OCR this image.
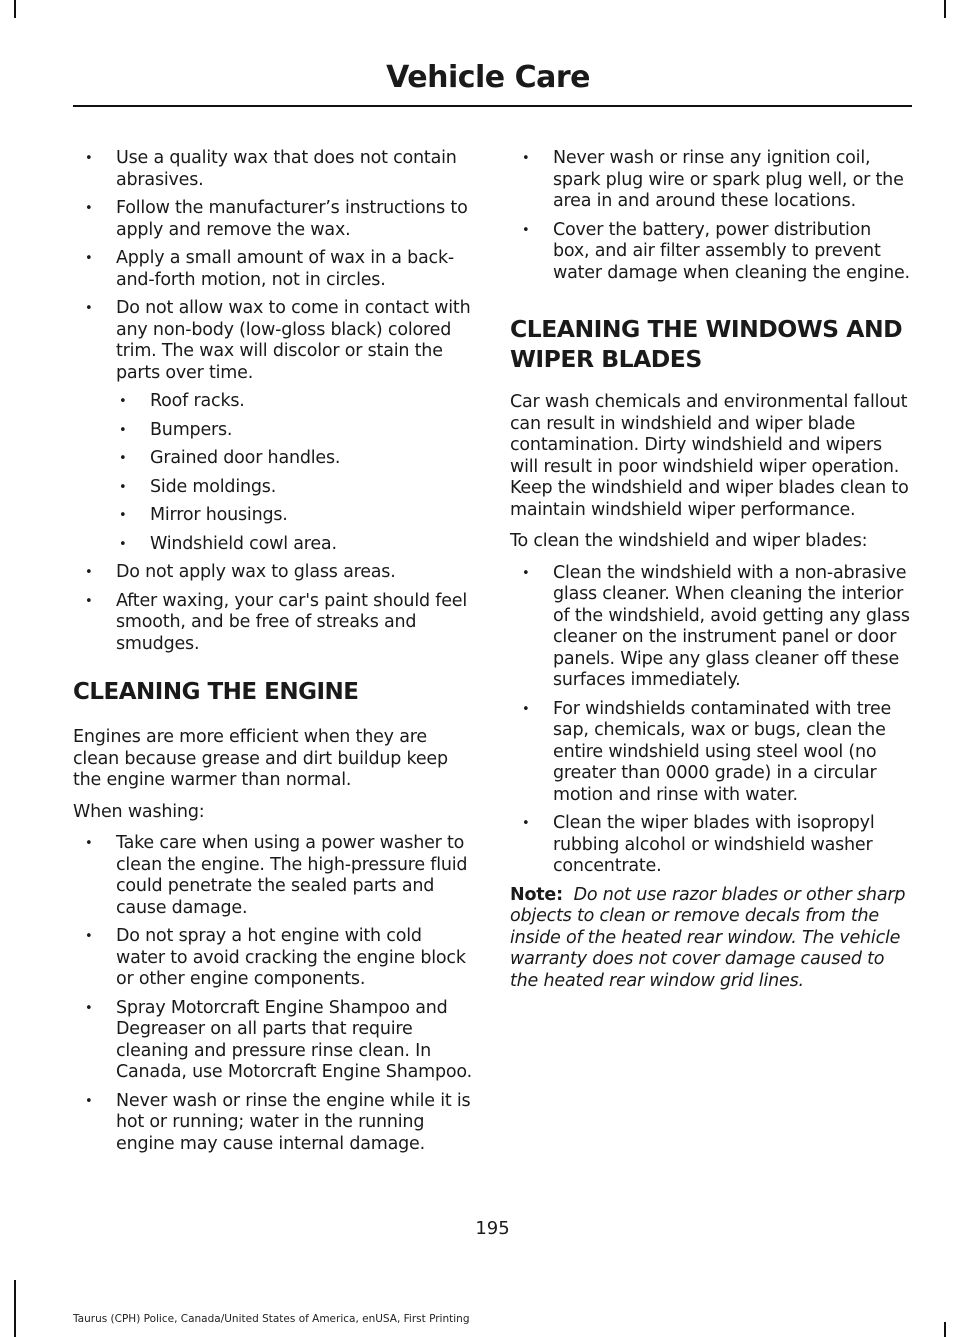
Vehicle Care
• Use a quality wax that does not contain abrasives.
• Follow the manufacturer’s instructions to apply and remove the wax.
• Apply a small amount of wax in a back-and-forth motion, not in circles.
• Do not allow wax to come in contact with any non-body (low-gloss black) colored trim. The wax will discolor or stain the parts over time.
• Roof racks.
• Bumpers.
• Grained door handles.
• Side moldings.
• Mirror housings.
• Windshield cowl area.
• Do not apply wax to glass areas.
• After waxing, your car's paint should feel smooth, and be free of streaks and smudges.
CLEANING THE ENGINE

Engines are more efficient when they are clean because grease and dirt buildup keep the engine warmer than normal.

When washing:

• Take care when using a power washer to clean the engine. The high-pressure fluid could penetrate the sealed parts and cause damage.
• Do not spray a hot engine with cold water to avoid cracking the engine block or other engine components.
• Spray Motorcraft Engine Shampoo and Degreaser on all parts that require cleaning and pressure rinse clean. In Canada, use Motorcraft Engine Shampoo.
• Never wash or rinse the engine while it is hot or running; water in the running engine may cause internal damage.
• Never wash or rinse any ignition coil, spark plug wire or spark plug well, or the area in and around these locations.
• Cover the battery, power distribution box, and air filter assembly to prevent water damage when cleaning the engine.
CLEANING THE WINDOWS AND
WIPER BLADES

Car wash chemicals and environmental fallout can result in windshield and wiper blade contamination. Dirty windshield and wipers will result in poor windshield wiper operation. Keep the windshield and wiper blades clean to maintain windshield wiper performance.

To clean the windshield and wiper blades:

• Clean the windshield with a non-abrasive glass cleaner. When cleaning the interior of the windshield, avoid getting any glass cleaner on the instrument panel or door panels. Wipe any glass cleaner off these surfaces immediately.
• For windshields contaminated with tree sap, chemicals, wax or bugs, clean the entire windshield using steel wool (no greater than 0000 grade) in a circular motion and rinse with water.
• Clean the wiper blades with isopropyl rubbing alcohol or windshield washer concentrate.

Note: Do not use razor blades or other sharp objects to clean or remove decals from the inside of the heated rear window. The vehicle warranty does not cover damage caused to the heated rear window grid lines.

195

Taurus (CPH) Police, Canada/United States of America, enUSA, First Printing
